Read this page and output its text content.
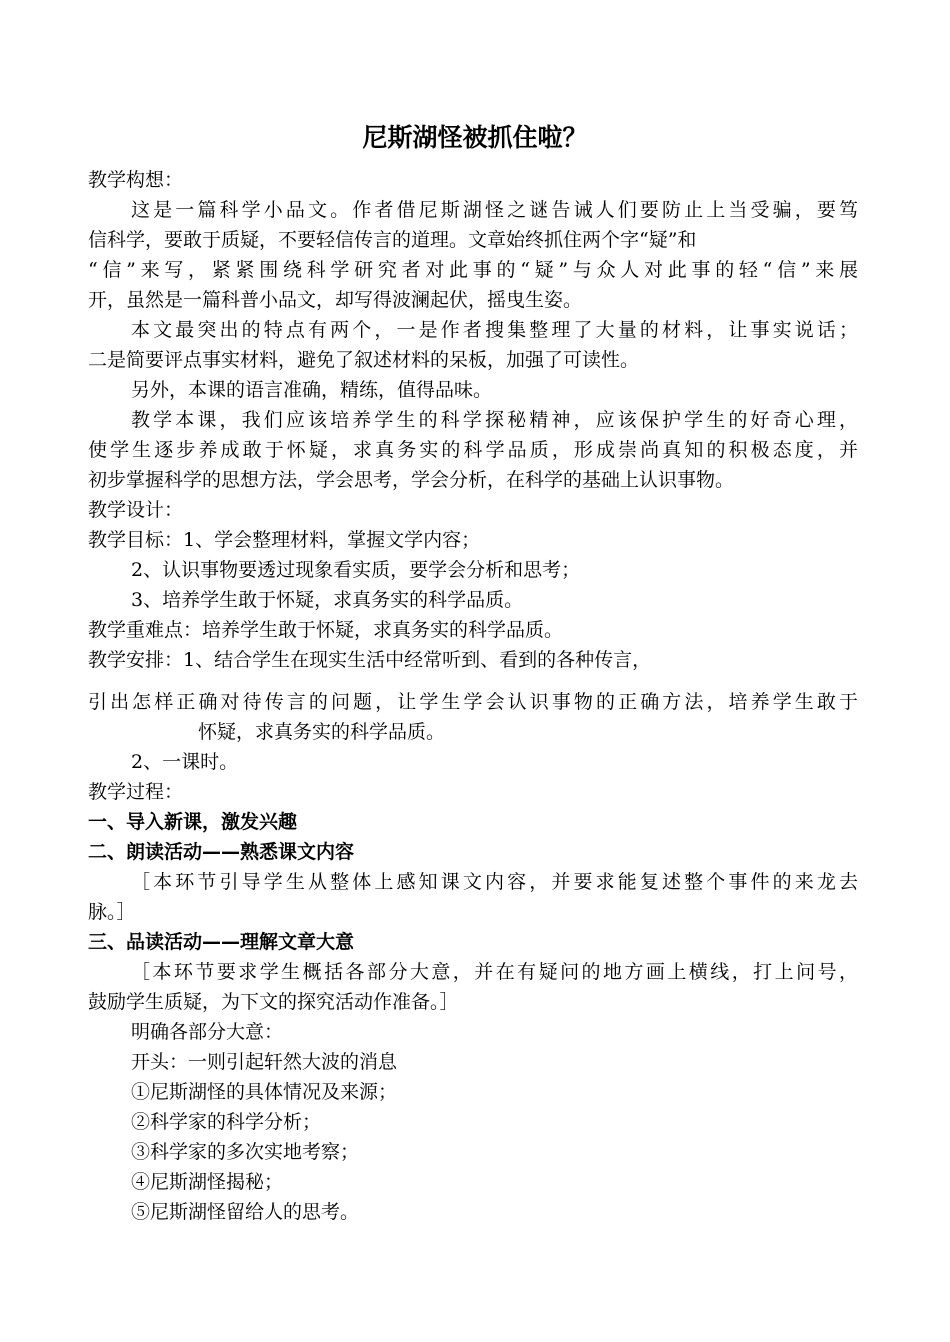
尼斯湖怪被抓住啦？
教学构想：
这是一篇科学小品文。作者借尼斯湖怪之谜告诫人们要防止上当受骗，要笃
信科学，要敢于质疑，不要轻信传言的道理。文章始终抓住两个字“疑”和
“信”来写，紧紧围绕科学研究者对此事的“疑”与众人对此事的轻“信”来展
开，虽然是一篇科普小品文，却写得波澜起伏，摇曳生姿。
本文最突出的特点有两个，一是作者搜集整理了大量的材料，让事实说话；
二是简要评点事实材料，避免了叙述材料的呆板，加强了可读性。
另外，本课的语言准确，精练，值得品味。
教学本课，我们应该培养学生的科学探秘精神，应该保护学生的好奇心理，
使学生逐步养成敢于怀疑，求真务实的科学品质，形成崇尚真知的积极态度，并
初步掌握科学的思想方法，学会思考，学会分析，在科学的基础上认识事物。
教学设计：
教学目标：1、学会整理材料，掌握文学内容；
2、认识事物要透过现象看实质，要学会分析和思考；
3、培养学生敢于怀疑，求真务实的科学品质。
教学重难点：培养学生敢于怀疑，求真务实的科学品质。
教学安排：1、结合学生在现实生活中经常听到、看到的各种传言，
引出怎样正确对待传言的问题，让学生学会认识事物的正确方法，培养学生敢于
怀疑，求真务实的科学品质。
2、一课时。
教学过程：
一、导入新课，激发兴趣
二、朗读活动——熟悉课文内容
［本环节引导学生从整体上感知课文内容，并要求能复述整个事件的来龙去
脉。］
三、品读活动——理解文章大意
［本环节要求学生概括各部分大意，并在有疑问的地方画上横线，打上问号，
鼓励学生质疑，为下文的探究活动作准备。］
明确各部分大意：
开头：一则引起轩然大波的消息
①尼斯湖怪的具体情况及来源；
②科学家的科学分析；
③科学家的多次实地考察；
④尼斯湖怪揭秘；
⑤尼斯湖怪留给人的思考。
